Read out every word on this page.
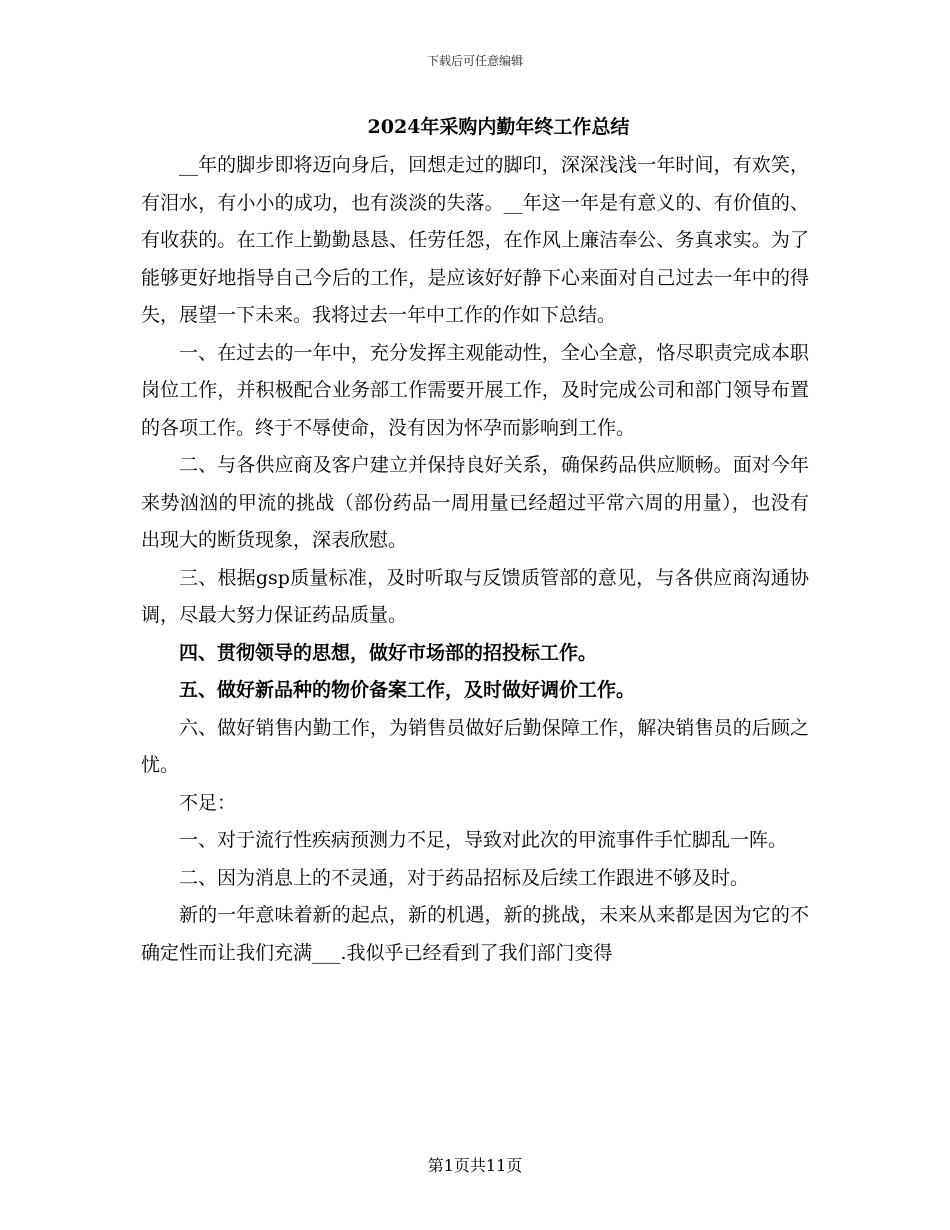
下载后可任意编辑
2024年采购内勤年终工作总结

__年的脚步即将迈向身后，回想走过的脚印，深深浅浅一年时间，有欢笑，有泪水，有小小的成功，也有淡淡的失落。__年这一年是有意义的、有价值的、有收获的。在工作上勤勤恳恳、任劳任怨，在作风上廉洁奉公、务真求实。为了能够更好地指导自己今后的工作，是应该好好静下心来面对自己过去一年中的得失，展望一下未来。我将过去一年中工作的作如下总结。

一、在过去的一年中，充分发挥主观能动性，全心全意，恪尽职责完成本职岗位工作，并积极配合业务部工作需要开展工作，及时完成公司和部门领导布置的各项工作。终于不辱使命，没有因为怀孕而影响到工作。

二、与各供应商及客户建立并保持良好关系，确保药品供应顺畅。面对今年来势汹汹的甲流的挑战（部份药品一周用量已经超过平常六周的用量），也没有出现大的断货现象，深表欣慰。

三、根据gsp质量标准，及时听取与反馈质管部的意见，与各供应商沟通协调，尽最大努力保证药品质量。

四、贯彻领导的思想，做好市场部的招投标工作。

五、做好新品种的物价备案工作，及时做好调价工作。

六、做好销售内勤工作，为销售员做好后勤保障工作，解决销售员的后顾之忧。

不足：

一、对于流行性疾病预测力不足，导致对此次的甲流事件手忙脚乱一阵。

二、因为消息上的不灵通，对于药品招标及后续工作跟进不够及时。

新的一年意味着新的起点，新的机遇，新的挑战，未来从来都是因为它的不确定性而让我们充满___.我似乎已经看到了我们部门变得

第1页共11页
